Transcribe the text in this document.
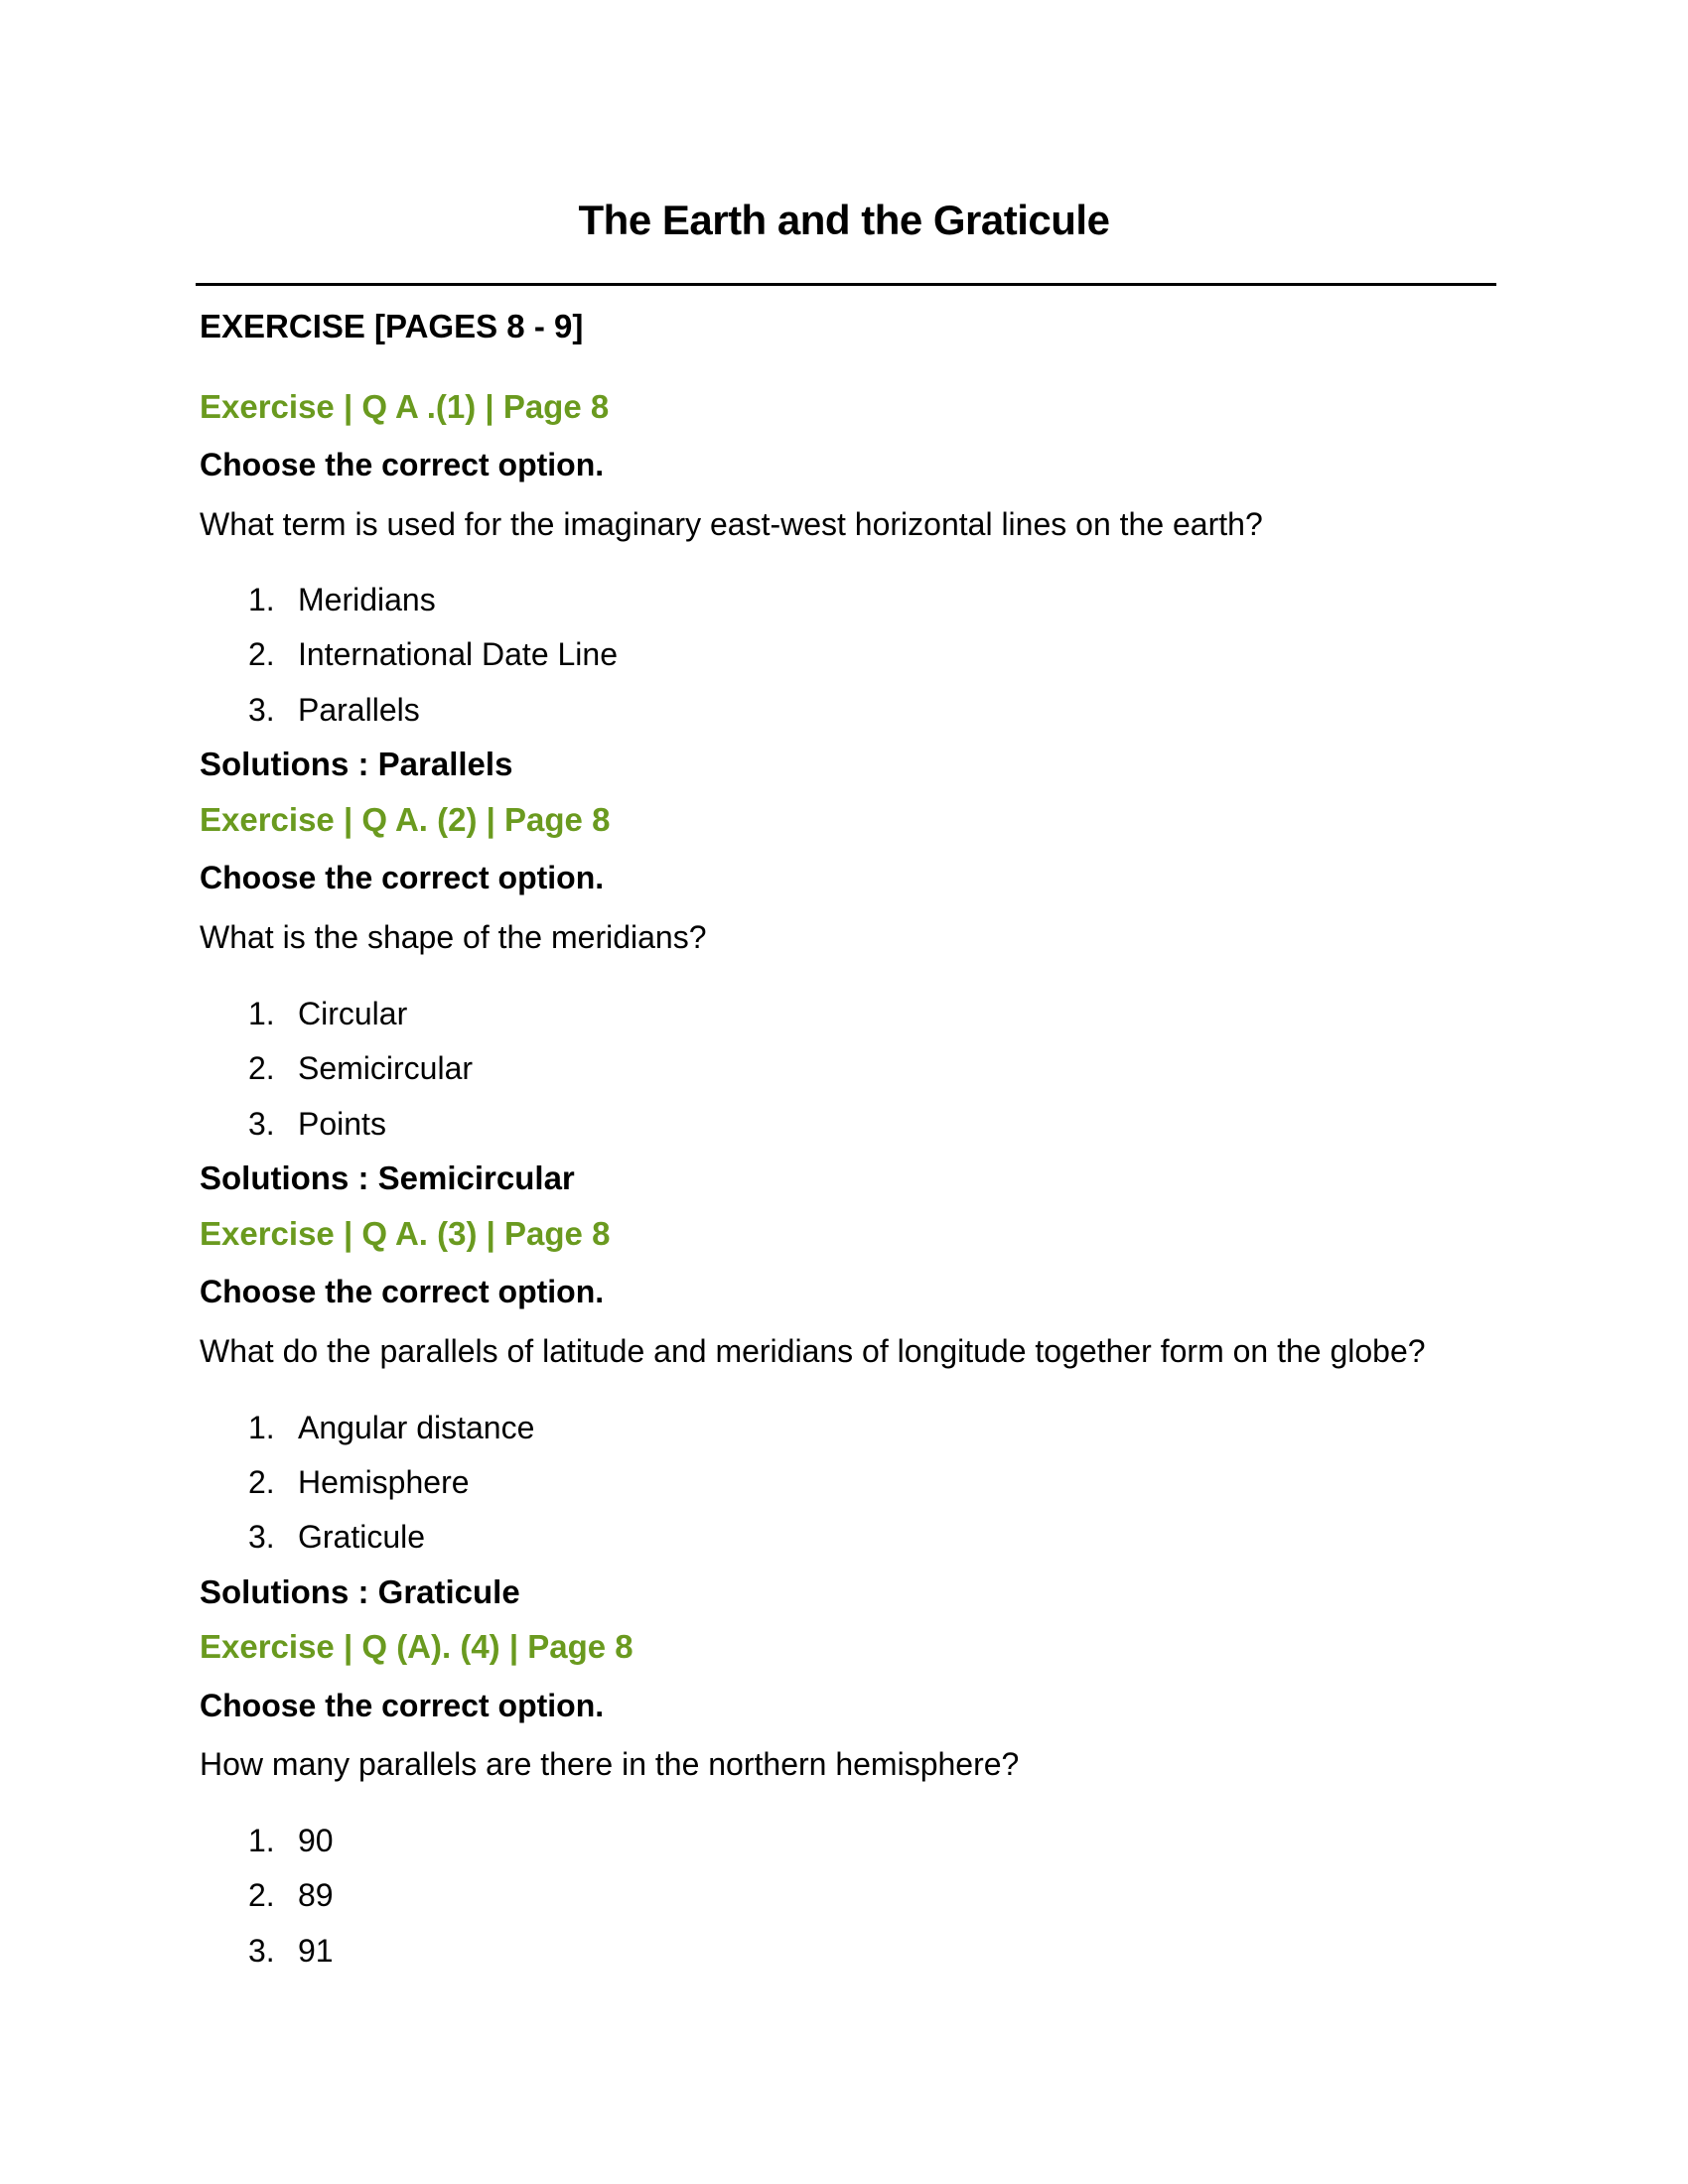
The Earth and the Graticule
EXERCISE [PAGES 8 - 9]
Exercise | Q A .(1) | Page 8
Choose the correct option.
What term is used for the imaginary east-west horizontal lines on the earth?
1. Meridians
2. International Date Line
3. Parallels
Solutions : Parallels
Exercise | Q A. (2) | Page 8
Choose the correct option.
What is the shape of the meridians?
1. Circular
2. Semicircular
3. Points
Solutions : Semicircular
Exercise | Q A. (3) | Page 8
Choose the correct option.
What do the parallels of latitude and meridians of longitude together form on the globe?
1. Angular distance
2. Hemisphere
3. Graticule
Solutions : Graticule
Exercise | Q (A). (4) | Page 8
Choose the correct option.
How many parallels are there in the northern hemisphere?
1. 90
2. 89
3. 91
